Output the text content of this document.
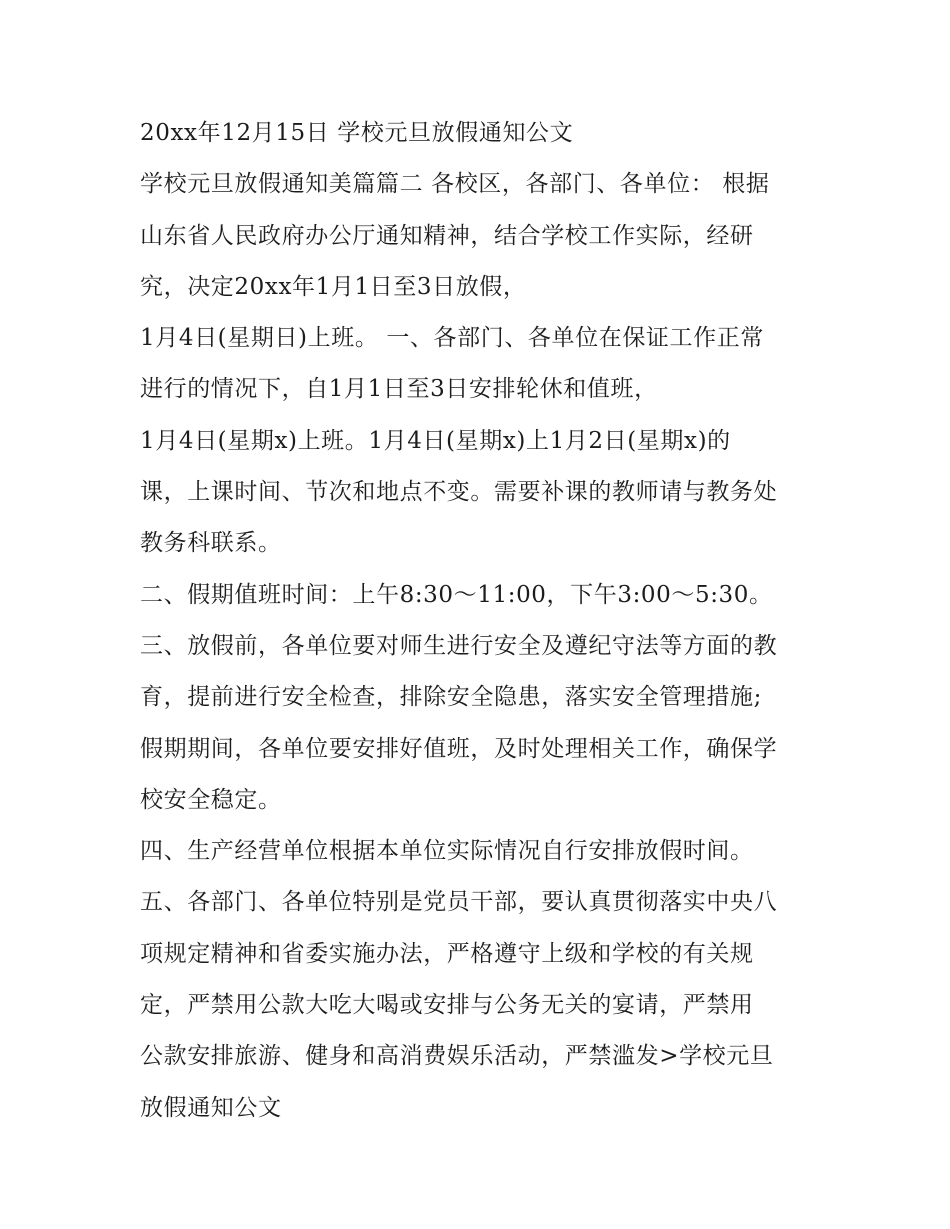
20xx年12月15日 学校元旦放假通知公文
学校元旦放假通知美篇篇二 各校区，各部门、各单位： 根据
山东省人民政府办公厅通知精神，结合学校工作实际，经研
究，决定20xx年1月1日至3日放假，
1月4日(星期日)上班。 一、各部门、各单位在保证工作正常
进行的情况下，自1月1日至3日安排轮休和值班，
1月4日(星期x)上班。1月4日(星期x)上1月2日(星期x)的
课，上课时间、节次和地点不变。需要补课的教师请与教务处
教务科联系。
二、假期值班时间：上午8:30～11:00，下午3:00～5:30。
三、放假前，各单位要对师生进行安全及遵纪守法等方面的教
育，提前进行安全检查，排除安全隐患，落实安全管理措施;
假期期间，各单位要安排好值班，及时处理相关工作，确保学
校安全稳定。
四、生产经营单位根据本单位实际情况自行安排放假时间。
五、各部门、各单位特别是党员干部，要认真贯彻落实中央八
项规定精神和省委实施办法，严格遵守上级和学校的有关规
定，严禁用公款大吃大喝或安排与公务无关的宴请，严禁用
公款安排旅游、健身和高消费娱乐活动，严禁滥发>学校元旦
放假通知公文
